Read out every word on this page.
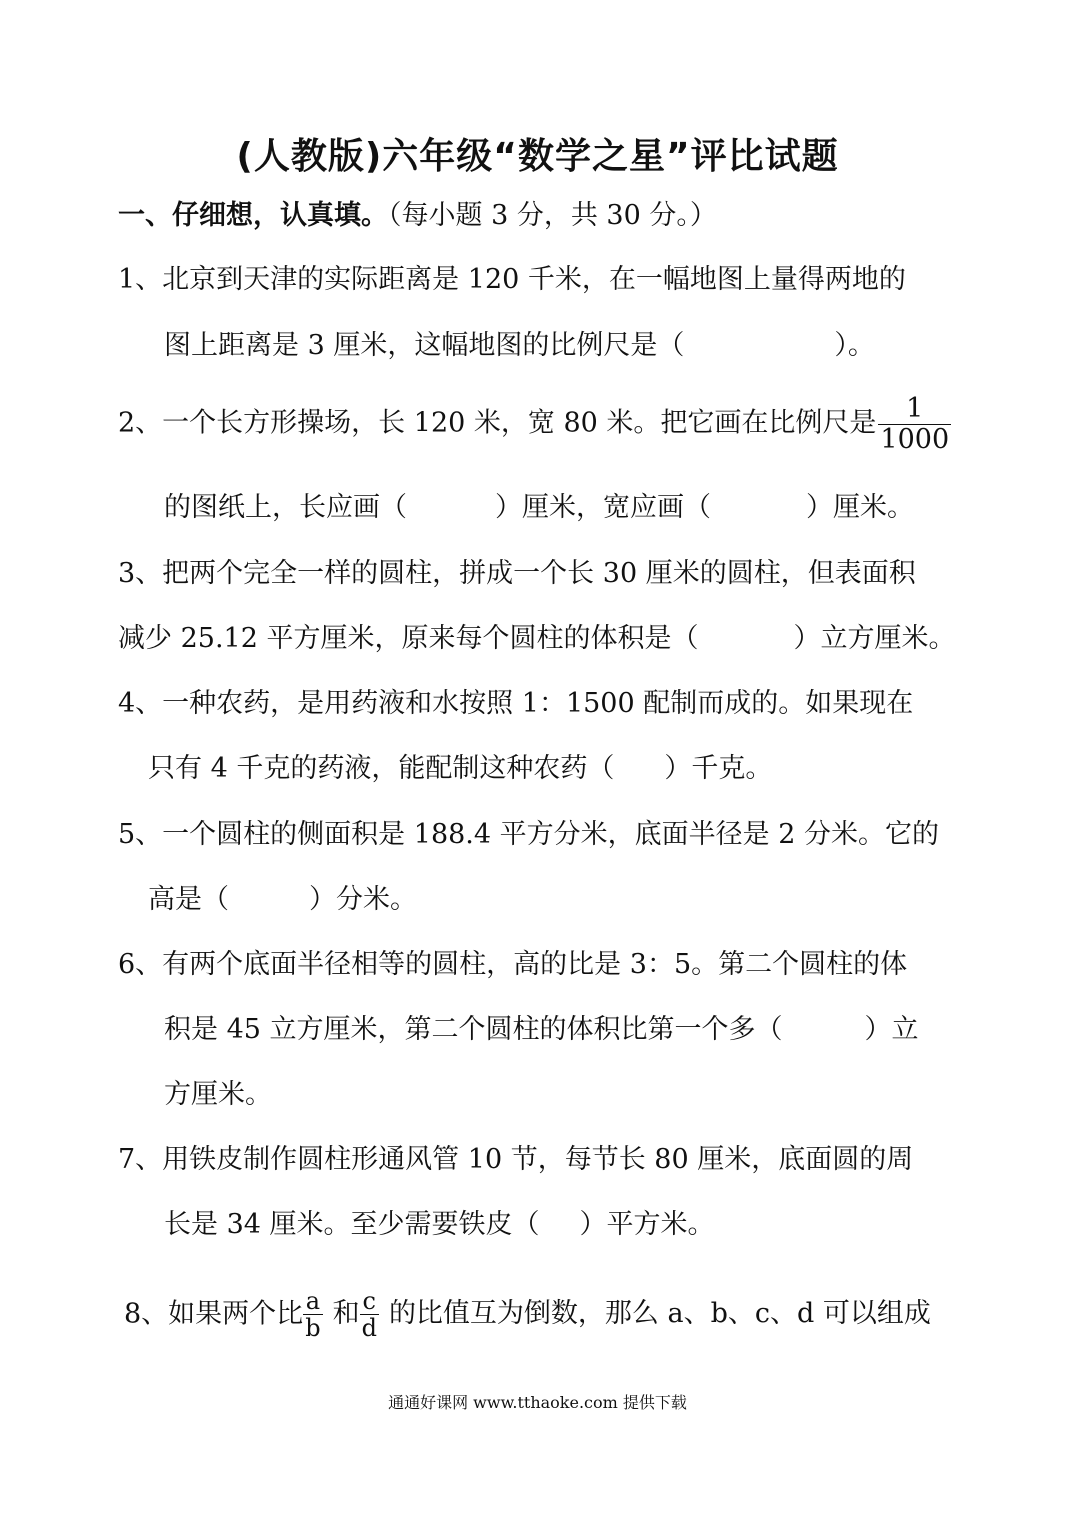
(人教版)六年级“数学之星”评比试题
一、仔细想，认真填。（每小题 3 分，共 30 分。）
1、北京到天津的实际距离是 120 千米，在一幅地图上量得两地的
图上距离是 3 厘米，这幅地图的比例尺是（	）。
2、一个长方形操场，长 120 米，宽 80 米。把它画在比例尺是 $\frac{1}{1000}$
的图纸上，长应画（	）厘米，宽应画（	）厘米。
3、把两个完全一样的圆柱，拼成一个长 30 厘米的圆柱，但表面积
减少 25.12 平方厘米，原来每个圆柱的体积是（	）立方厘米。
4、一种农药，是用药液和水按照 1：1500 配制而成的。如果现在
只有 4 千克的药液，能配制这种农药（ ）千克。
5、一个圆柱的侧面积是 188.4 平方分米，底面半径是 2 分米。它的
高是（	）分米。
6、有两个底面半径相等的圆柱，高的比是 3：5。第二个圆柱的体
积是 45 立方厘米，第二个圆柱的体积比第一个多（	）立
方厘米。
7、用铁皮制作圆柱形通风管 10 节，每节长 80 厘米，底面圆的周
长是 34 厘米。至少需要铁皮（ ）平方米。
8、如果两个比 $\frac{a}{b}$ 和 $\frac{c}{d}$ 的比值互为倒数，那么 a、b、c、d 可以组成
通通好课网 www.tthaoke.com 提供下载
